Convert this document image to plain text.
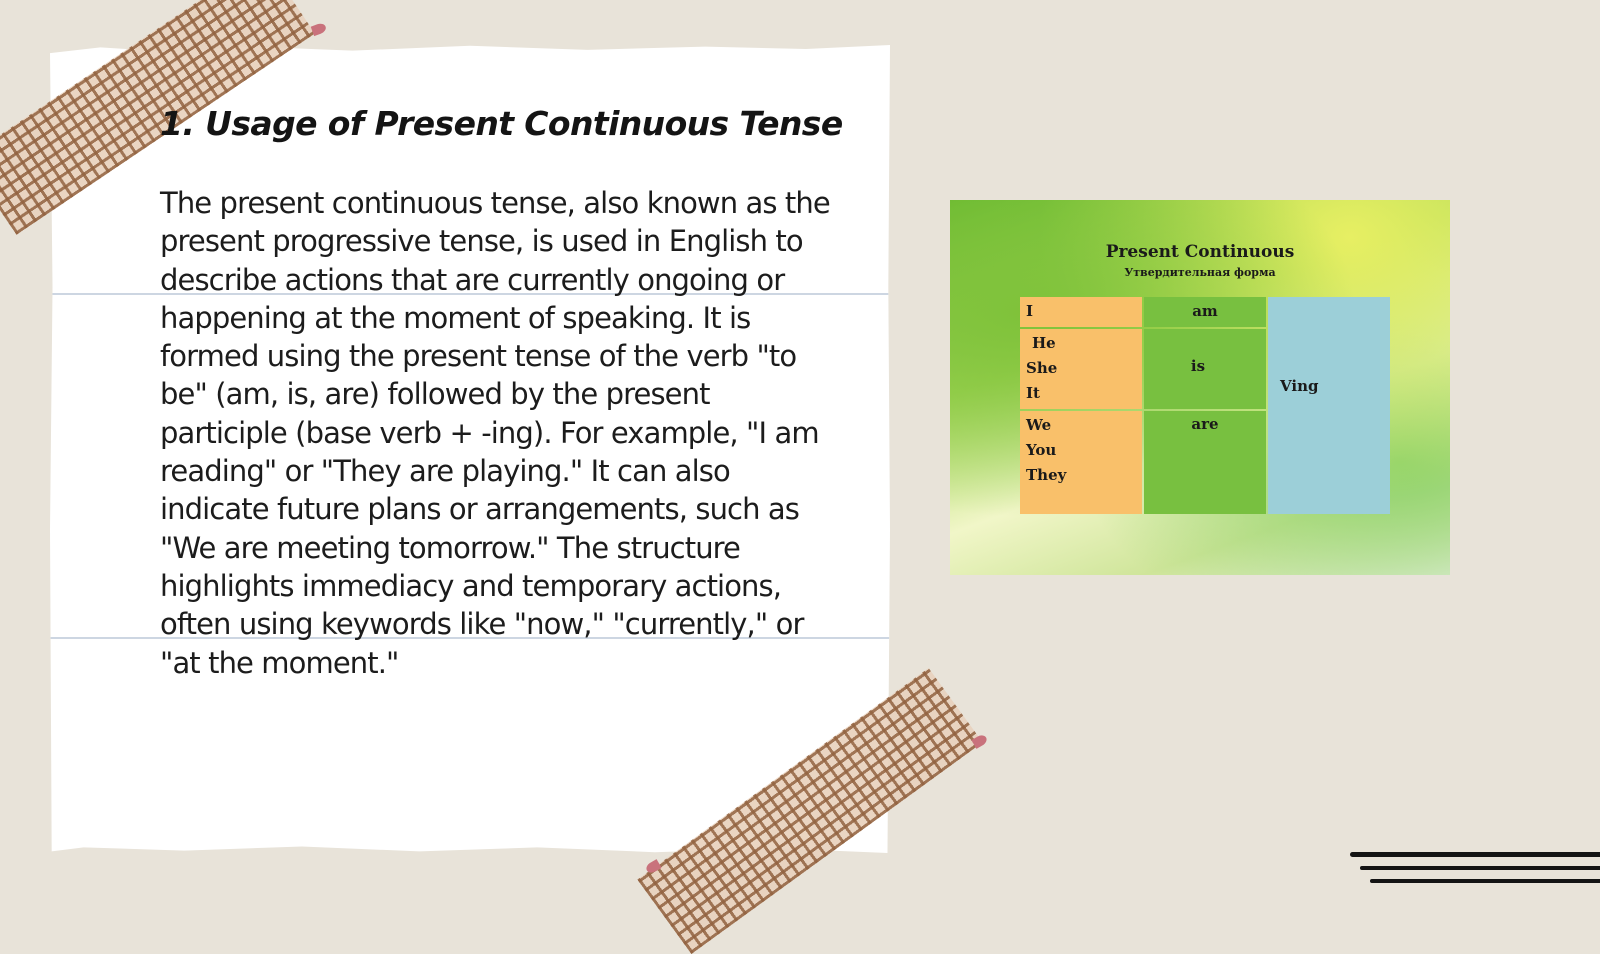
1. Usage of Present Continuous Tense

The present continuous tense, also known as the present progressive tense, is used in English to describe actions that are currently ongoing or happening at the moment of speaking. It is formed using the present tense of the verb "to be" (am, is, are) followed by the present participle (base verb + -ing). For example, "I am reading" or "They are playing." It can also indicate future plans or arrangements, such as "We are meeting tomorrow." The structure highlights immediacy and temporary actions, often using keywords like "now," "currently," or "at the moment."

Present Continuous
Утвердительная форма
I
He
She
It
We
You
They
am
is
are
Ving
